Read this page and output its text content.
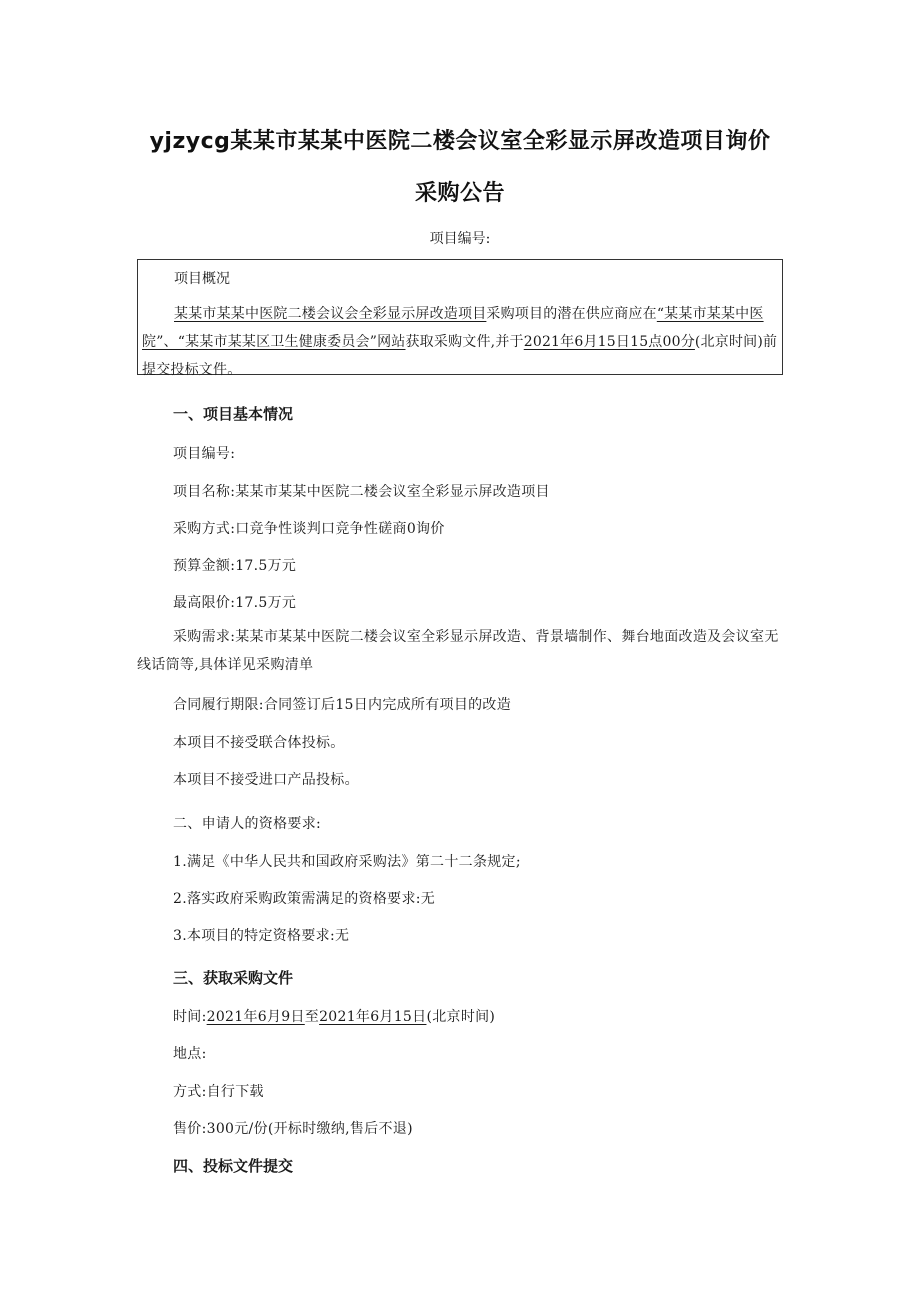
yjzycg某某市某某中医院二楼会议室全彩显示屏改造项目询价
采购公告
项目编号:
项目概况
某某市某某中医院二楼会议会全彩显示屏改造项目采购项目的潜在供应商应在“某某市某某中医院”、“某某市某某区卫生健康委员会”网站获取采购文件,并于2021年6月15日15点00分(北京时间)前提交投标文件。
一、项目基本情况
项目编号:
项目名称:某某市某某中医院二楼会议室全彩显示屏改造项目
采购方式:口竞争性谈判口竞争性磋商0询价
预算金额:17.5万元
最高限价:17.5万元
采购需求:某某市某某中医院二楼会议室全彩显示屏改造、背景墙制作、舞台地面改造及会议室无线话筒等,具体详见采购清单
合同履行期限:合同签订后15日内完成所有项目的改造
本项目不接受联合体投标。
本项目不接受进口产品投标。
二、申请人的资格要求:
1.满足《中华人民共和国政府采购法》第二十二条规定;
2.落实政府采购政策需满足的资格要求:无
3.本项目的特定资格要求:无
三、获取采购文件
时间:2021年6月9日至2021年6月15日(北京时间)
地点:
方式:自行下载
售价:300元/份(开标时缴纳,售后不退)
四、投标文件提交
